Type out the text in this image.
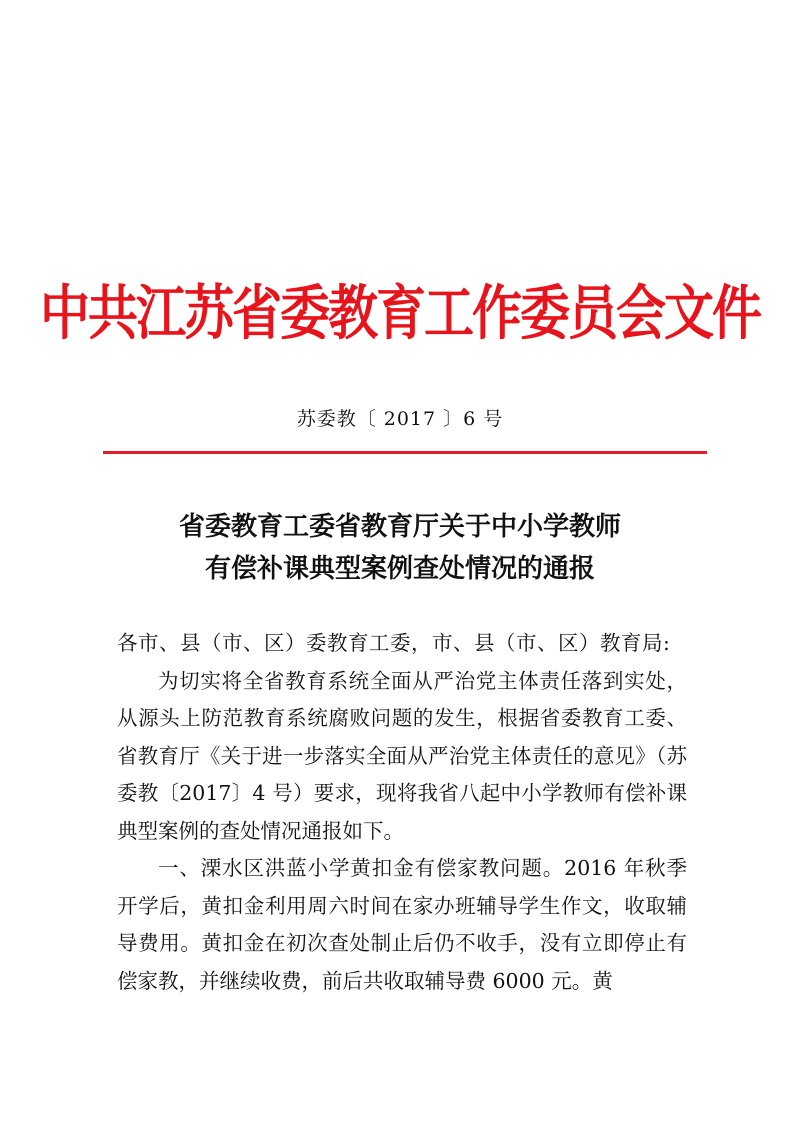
中共江苏省委教育工作委员会文件
苏委教〔 2017 〕6 号
省委教育工委省教育厅关于中小学教师
有偿补课典型案例查处情况的通报
各市、县（市、区）委教育工委，市、县（市、区）教育局:
为切实将全省教育系统全面从严治党主体责任落到实处，从源头上防范教育系统腐败问题的发生，根据省委教育工委、省教育厅《关于进一步落实全面从严治党主体责任的意见》（苏委教〔2017〕4 号）要求，现将我省八起中小学教师有偿补课典型案例的查处情况通报如下。
一、溧水区洪蓝小学黄扣金有偿家教问题。2016 年秋季开学后，黄扣金利用周六时间在家办班辅导学生作文，收取辅导费用。黄扣金在初次查处制止后仍不收手，没有立即停止有偿家教，并继续收费，前后共收取辅导费 6000 元。黄
